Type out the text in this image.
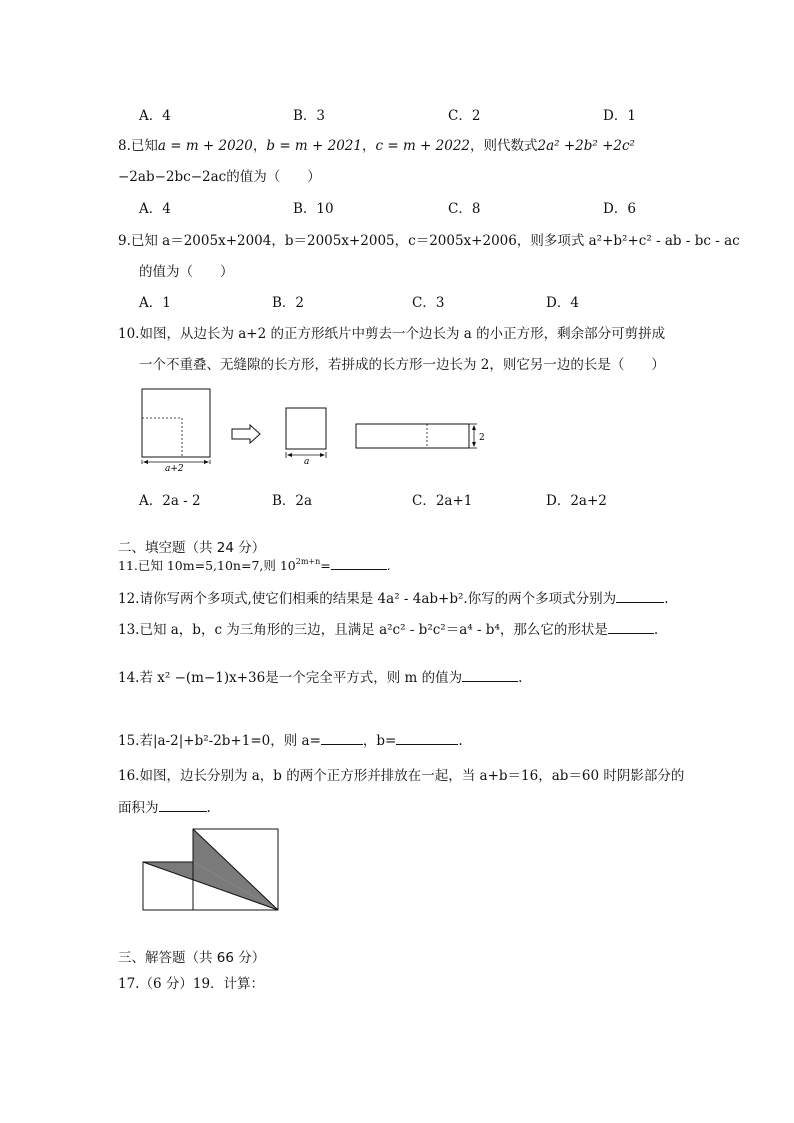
A．4	B．3	C．2	D．1
8.已知a = m + 2020，b = m + 2021，c = m + 2022，则代数式2a² +2b² +2c²
−2ab−2bc−2ac的值为（　　）
A．4	B．10	C．8	D．6
9.已知 a＝2005x+2004，b＝2005x+2005，c＝2005x+2006，则多项式 a²+b²+c² - ab - bc - ac
的值为（　　）
A．1	B．2	C．3	D．4
10.如图，从边长为 a+2 的正方形纸片中剪去一个边长为 a 的小正方形，剩余部分可剪拼成
一个不重叠、无缝隙的长方形，若拼成的长方形一边长为 2，则它另一边的长是（　　）
a+2
a
2
A．2a - 2	B．2a	C．2a+1	D．2a+2
二、填空题（共 24 分）
11.已知 10m=5,10n=7,则 $10^{2m+n}=$	.
12.请你写两个多项式,使它们相乘的结果是 4a² - 4ab+b².你写的两个多项式分别为	.
13.已知 a，b，c 为三角形的三边，且满足 a²c² - b²c²＝a⁴ - b⁴，那么它的形状是	.
14.若 x² −(m−1)x+36是一个完全平方式，则 m 的值为	.
15.若|a-2|+b²-2b+1=0，则 a=	，b=	.
16.如图，边长分别为 a，b 的两个正方形并排放在一起，当 a+b＝16，ab＝60 时阴影部分的
面积为	.
三、解答题（共 66 分）
17.（6 分）19．计算：
